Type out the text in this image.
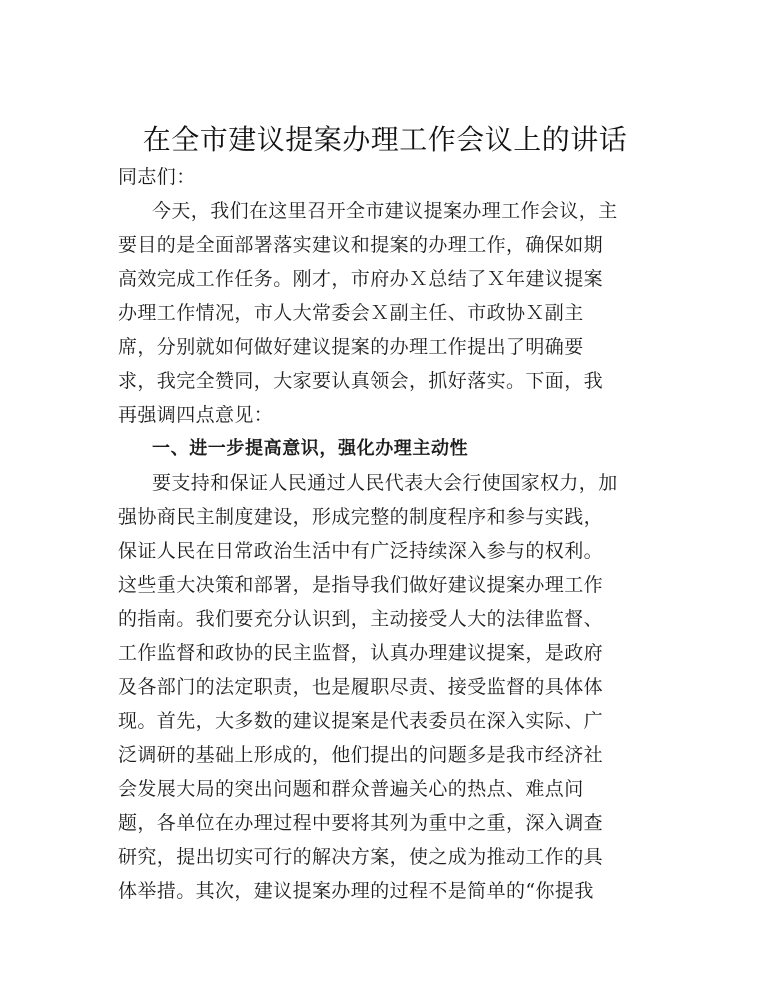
在全市建议提案办理工作会议上的讲话
同志们：
今天，我们在这里召开全市建议提案办理工作会议，主
要目的是全面部署落实建议和提案的办理工作，确保如期
高效完成工作任务。刚才，市府办Ｘ总结了Ｘ年建议提案
办理工作情况，市人大常委会Ｘ副主任、市政协Ｘ副主
席，分别就如何做好建议提案的办理工作提出了明确要
求，我完全赞同，大家要认真领会，抓好落实。下面，我
再强调四点意见：
一、进一步提高意识，强化办理主动性
要支持和保证人民通过人民代表大会行使国家权力，加
强协商民主制度建设，形成完整的制度程序和参与实践，
保证人民在日常政治生活中有广泛持续深入参与的权利。
这些重大决策和部署，是指导我们做好建议提案办理工作
的指南。我们要充分认识到，主动接受人大的法律监督、
工作监督和政协的民主监督，认真办理建议提案，是政府
及各部门的法定职责，也是履职尽责、接受监督的具体体
现。首先，大多数的建议提案是代表委员在深入实际、广
泛调研的基础上形成的，他们提出的问题多是我市经济社
会发展大局的突出问题和群众普遍关心的热点、难点问
题，各单位在办理过程中要将其列为重中之重，深入调查
研究，提出切实可行的解决方案，使之成为推动工作的具
体举措。其次，建议提案办理的过程不是简单的“你提我
